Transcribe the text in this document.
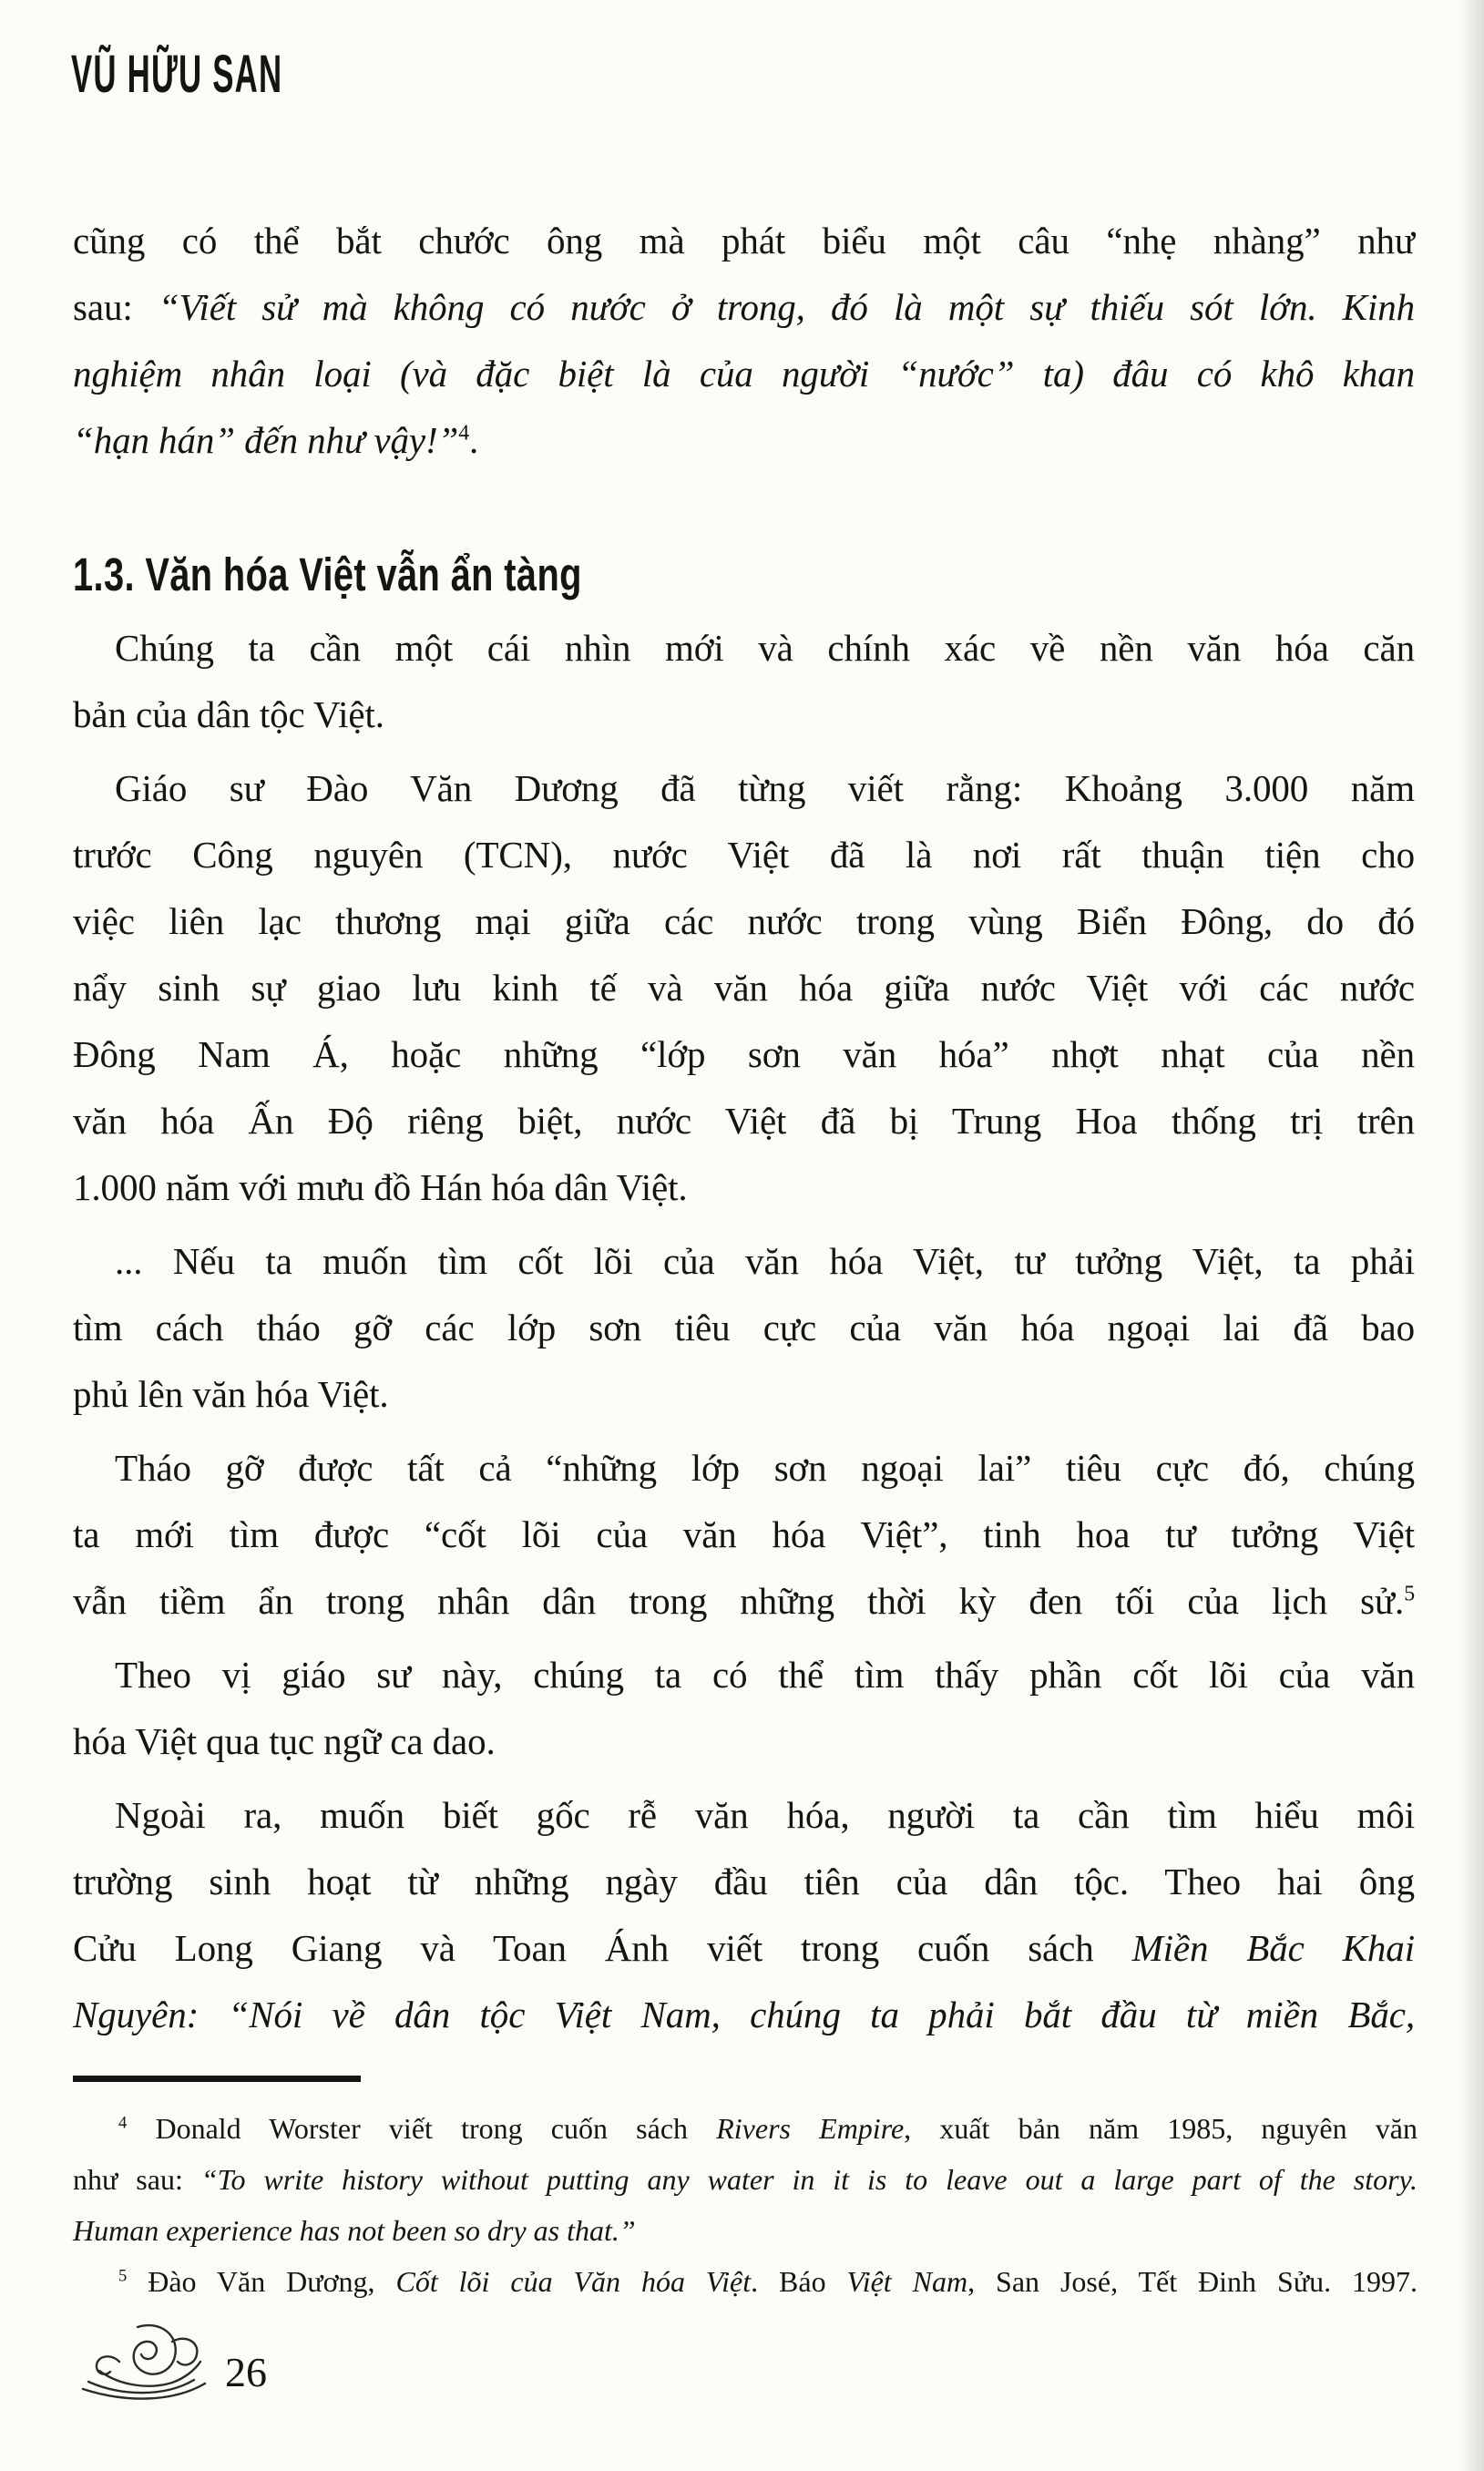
VŨ HỮU SAN
cũng có thể bắt chước ông mà phát biểu một câu “nhẹ nhàng” như
sau: “Viết sử mà không có nước ở trong, đó là một sự thiếu sót lớn. Kinh
nghiệm nhân loại (và đặc biệt là của người “nước” ta) đâu có khô khan
“hạn hán” đến như vậy!”$^4$.
1.3. Văn hóa Việt vẫn ẩn tàng
Chúng ta cần một cái nhìn mới và chính xác về nền văn hóa căn
bản của dân tộc Việt.
Giáo sư Đào Văn Dương đã từng viết rằng: Khoảng 3.000 năm
trước Công nguyên (TCN), nước Việt đã là nơi rất thuận tiện cho
việc liên lạc thương mại giữa các nước trong vùng Biển Đông, do đó
nẩy sinh sự giao lưu kinh tế và văn hóa giữa nước Việt với các nước
Đông Nam Á, hoặc những “lớp sơn văn hóa” nhợt nhạt của nền
văn hóa Ấn Độ riêng biệt, nước Việt đã bị Trung Hoa thống trị trên
1.000 năm với mưu đồ Hán hóa dân Việt.
... Nếu ta muốn tìm cốt lõi của văn hóa Việt, tư tưởng Việt, ta phải
tìm cách tháo gỡ các lớp sơn tiêu cực của văn hóa ngoại lai đã bao
phủ lên văn hóa Việt.
Tháo gỡ được tất cả “những lớp sơn ngoại lai” tiêu cực đó, chúng
ta mới tìm được “cốt lõi của văn hóa Việt”, tinh hoa tư tưởng Việt
vẫn tiềm ẩn trong nhân dân trong những thời kỳ đen tối của lịch sử.$^5$
Theo vị giáo sư này, chúng ta có thể tìm thấy phần cốt lõi của văn
hóa Việt qua tục ngữ ca dao.
Ngoài ra, muốn biết gốc rễ văn hóa, người ta cần tìm hiểu môi
trường sinh hoạt từ những ngày đầu tiên của dân tộc. Theo hai ông
Cửu Long Giang và Toan Ánh viết trong cuốn sách Miền Bắc Khai
Nguyên: “Nói về dân tộc Việt Nam, chúng ta phải bắt đầu từ miền Bắc,
$^4$ Donald Worster viết trong cuốn sách Rivers Empire, xuất bản năm 1985, nguyên văn
như sau: “To write history without putting any water in it is to leave out a large part of the story.
Human experience has not been so dry as that.”
$^5$ Đào Văn Dương, Cốt lõi của Văn hóa Việt. Báo Việt Nam, San José, Tết Đinh Sửu. 1997.
26
